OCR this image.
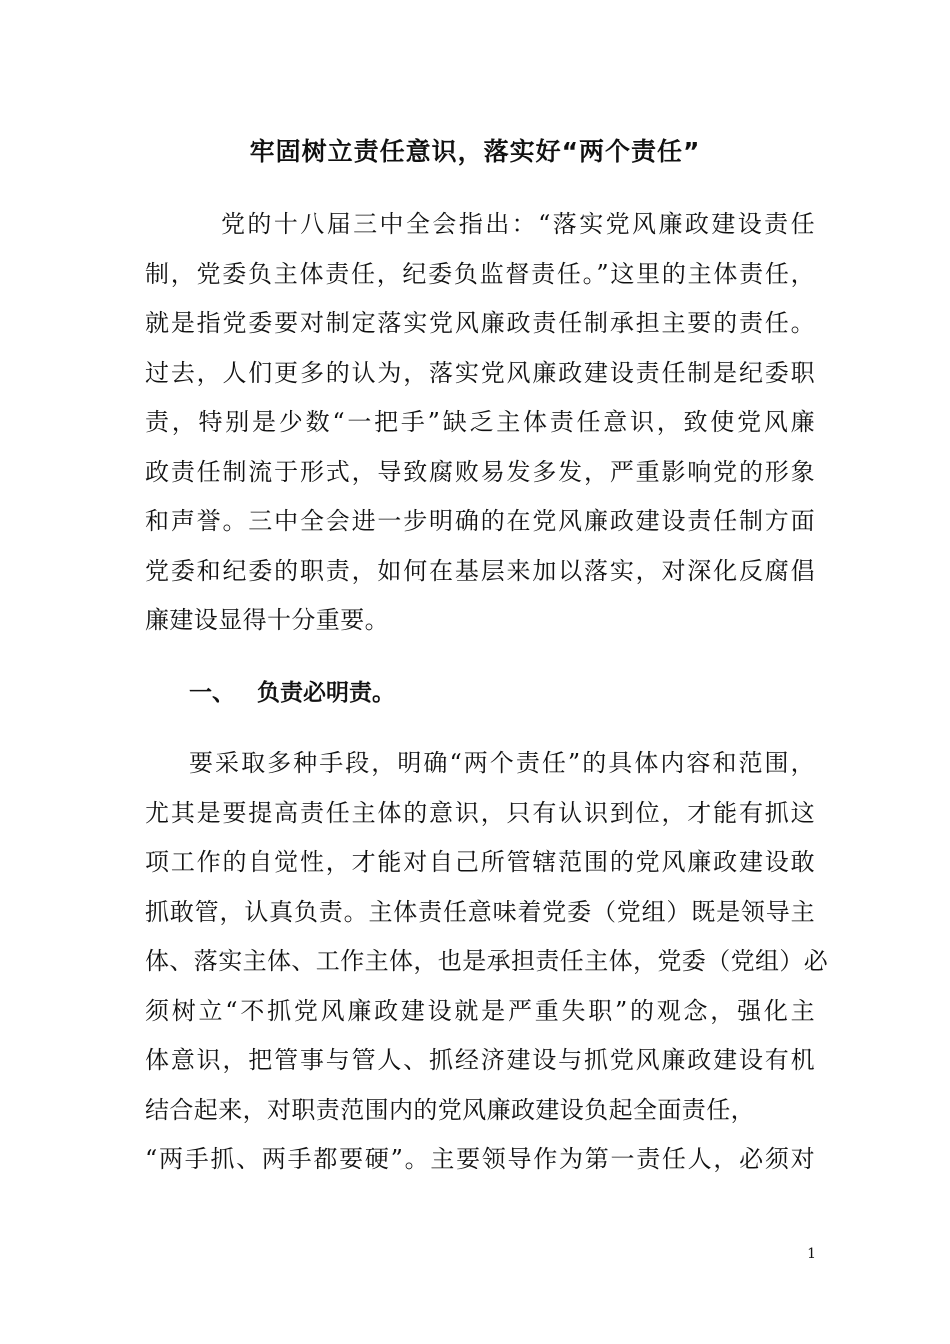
牢固树立责任意识，落实好“两个责任”

党的十八届三中全会指出：“落实党风廉政建设责任
制，党委负主体责任，纪委负监督责任。”这里的主体责任，
就是指党委要对制定落实党风廉政责任制承担主要的责任。
过去，人们更多的认为，落实党风廉政建设责任制是纪委职
责，特别是少数“一把手”缺乏主体责任意识，致使党风廉
政责任制流于形式，导致腐败易发多发，严重影响党的形象
和声誉。三中全会进一步明确的在党风廉政建设责任制方面
党委和纪委的职责，如何在基层来加以落实，对深化反腐倡
廉建设显得十分重要。

一、 负责必明责。

要采取多种手段，明确“两个责任”的具体内容和范围，
尤其是要提高责任主体的意识，只有认识到位，才能有抓这
项工作的自觉性，才能对自己所管辖范围的党风廉政建设敢
抓敢管，认真负责。主体责任意味着党委（党组）既是领导主
体、落实主体、工作主体，也是承担责任主体，党委（党组）必
须树立“不抓党风廉政建设就是严重失职”的观念，强化主
体意识，把管事与管人、抓经济建设与抓党风廉政建设有机
结合起来，对职责范围内的党风廉政建设负起全面责任，
“两手抓、两手都要硬”。主要领导作为第一责任人，必须对

1
